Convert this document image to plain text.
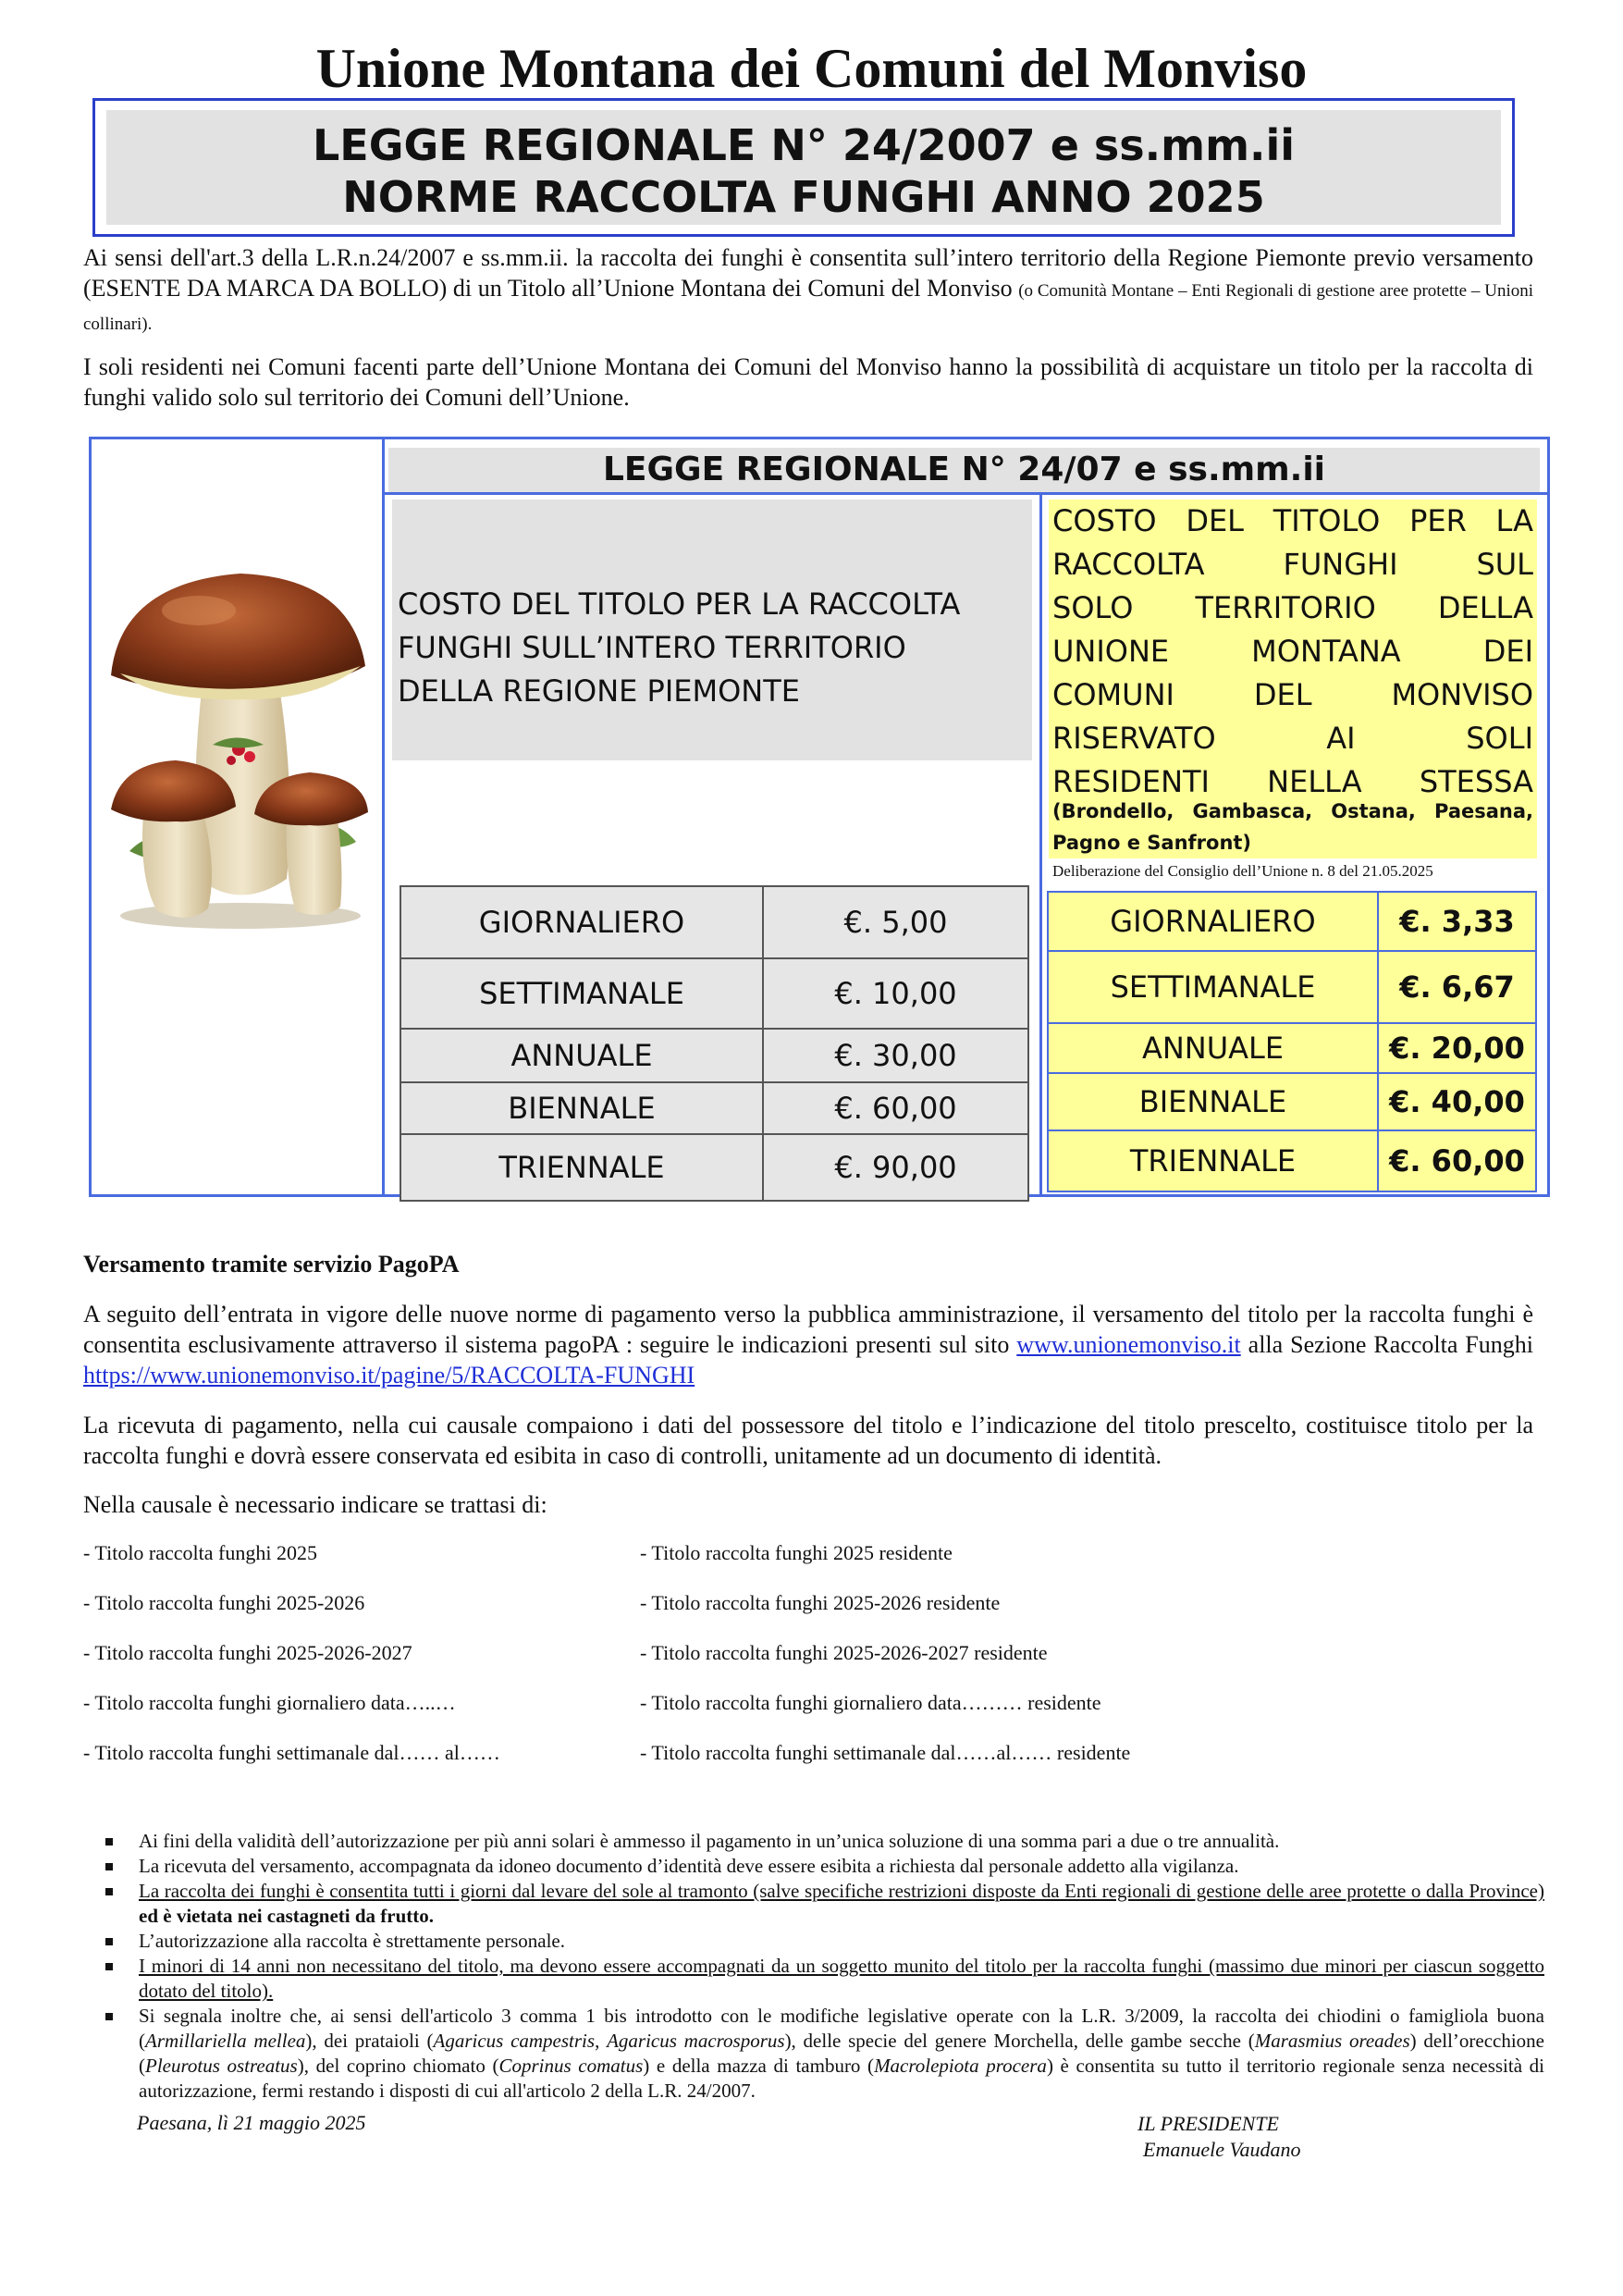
Unione Montana dei Comuni del Monviso
LEGGE REGIONALE N° 24/2007 e ss.mm.ii
NORME RACCOLTA FUNGHI ANNO 2025
Ai sensi dell'art.3 della L.R.n.24/2007 e ss.mm.ii. la raccolta dei funghi è consentita sull’intero territorio della Regione Piemonte previo versamento (ESENTE DA MARCA DA BOLLO) di un Titolo all’Unione Montana dei Comuni del Monviso (o Comunità Montane – Enti Regionali di gestione aree protette – Unioni collinari).
I soli residenti nei Comuni facenti parte dell’Unione Montana dei Comuni del Monviso hanno la possibilità di acquistare un titolo per la raccolta di funghi valido solo sul territorio dei Comuni dell’Unione.
LEGGE REGIONALE N° 24/07 e ss.mm.ii
COSTO DEL TITOLO PER LA RACCOLTA
FUNGHI SULL’INTERO TERRITORIO
DELLA REGIONE PIEMONTE
COSTO DEL TITOLO PER LA
RACCOLTA FUNGHI SUL
SOLO TERRITORIO DELLA
UNIONE MONTANA DEI
COMUNI DEL MONVISO
RISERVATO AI SOLI
RESIDENTI NELLA STESSA
(Brondello, Gambasca, Ostana, Paesana,
Pagno e Sanfront)
Deliberazione del Consiglio dell’Unione n. 8 del 21.05.2025
GIORNALIERO	€. 5,00
SETTIMANALE	€. 10,00
ANNUALE	€. 30,00
BIENNALE	€. 60,00
TRIENNALE	€. 90,00
GIORNALIERO	€. 3,33
SETTIMANALE	€. 6,67
ANNUALE	€. 20,00
BIENNALE	€. 40,00
TRIENNALE	€. 60,00
Versamento tramite servizio PagoPA
A seguito dell’entrata in vigore delle nuove norme di pagamento verso la pubblica amministrazione, il versamento del titolo per la raccolta funghi è consentita esclusivamente attraverso il sistema pagoPA : seguire le indicazioni presenti sul sito www.unionemonviso.it alla Sezione Raccolta Funghi https://www.unionemonviso.it/pagine/5/RACCOLTA-FUNGHI
La ricevuta di pagamento, nella cui causale compaiono i dati del possessore del titolo e l’indicazione del titolo prescelto, costituisce titolo per la raccolta funghi e dovrà essere conservata ed esibita in caso di controlli, unitamente ad un documento di identità.
Nella causale è necessario indicare se trattasi di:
- Titolo raccolta funghi 2025	- Titolo raccolta funghi 2025 residente
- Titolo raccolta funghi 2025-2026	- Titolo raccolta funghi 2025-2026 residente
- Titolo raccolta funghi 2025-2026-2027	- Titolo raccolta funghi 2025-2026-2027 residente
- Titolo raccolta funghi giornaliero data…..…	- Titolo raccolta funghi giornaliero data……… residente
- Titolo raccolta funghi settimanale dal…… al……	- Titolo raccolta funghi settimanale dal……al…… residente
Ai fini della validità dell’autorizzazione per più anni solari è ammesso il pagamento in un’unica soluzione di una somma pari a due o tre annualità.
La ricevuta del versamento, accompagnata da idoneo documento d’identità deve essere esibita a richiesta dal personale addetto alla vigilanza.
La raccolta dei funghi è consentita tutti i giorni dal levare del sole al tramonto (salve specifiche restrizioni disposte da Enti regionali di gestione delle aree protette o dalla Province) ed è vietata nei castagneti da frutto.
L’autorizzazione alla raccolta è strettamente personale.
I minori di 14 anni non necessitano del titolo, ma devono essere accompagnati da un soggetto munito del titolo per la raccolta funghi (massimo due minori per ciascun soggetto dotato del titolo).
Si segnala inoltre che, ai sensi dell'articolo 3 comma 1 bis introdotto con le modifiche legislative operate con la L.R. 3/2009, la raccolta dei chiodini o famigliola buona (Armillariella mellea), dei prataioli (Agaricus campestris, Agaricus macrosporus), delle specie del genere Morchella, delle gambe secche (Marasmius oreades) dell’orecchione (Pleurotus ostreatus), del coprino chiomato (Coprinus comatus) e della mazza di tamburo (Macrolepiota procera) è consentita su tutto il territorio regionale senza necessità di autorizzazione, fermi restando i disposti di cui all'articolo 2 della L.R. 24/2007.
Paesana, lì 21 maggio 2025	IL PRESIDENTE
Emanuele Vaudano
